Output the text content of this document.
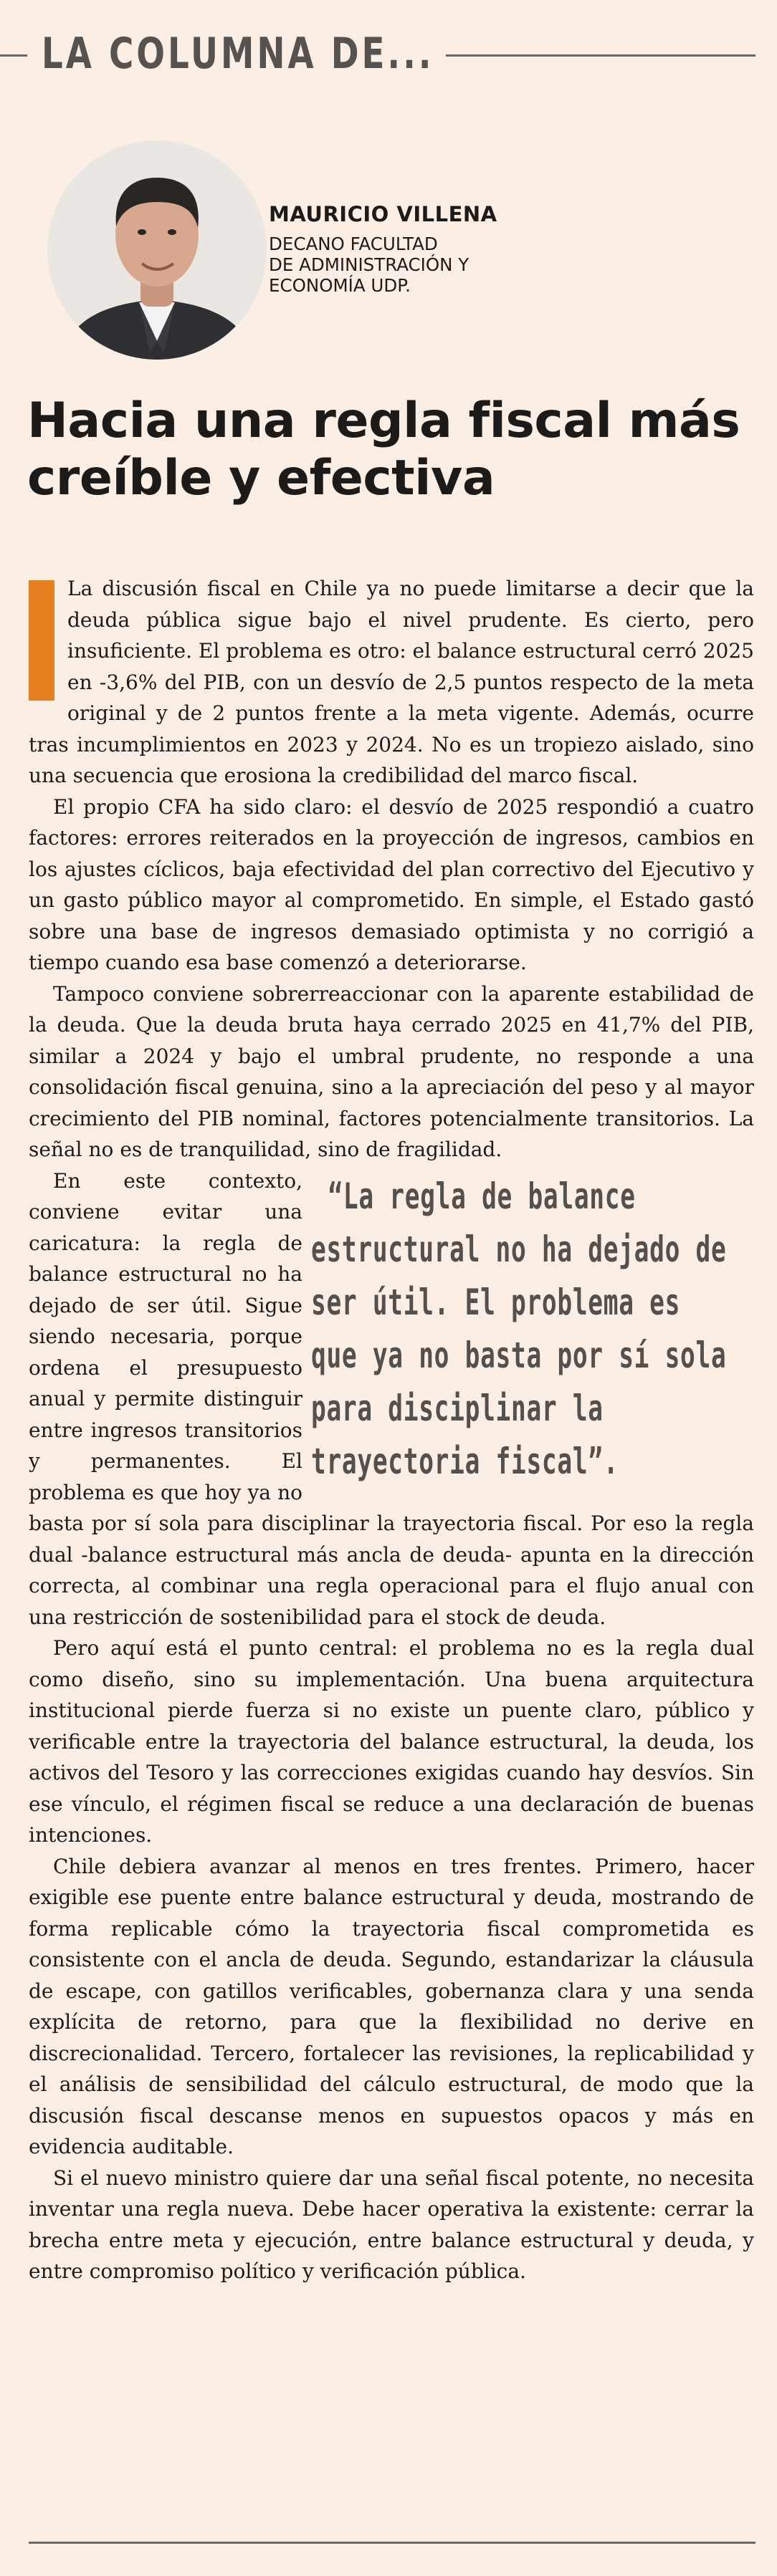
LA COLUMNA DE...
MAURICIO VILLENA
DECANO FACULTAD
DE ADMINISTRACIÓN Y
ECONOMÍA UDP.
Hacia una regla fiscal más creíble y efectiva

La discusión fiscal en Chile ya no puede limitarse a decir que la deuda pública sigue bajo el nivel prudente. Es cierto, pero insuficiente. El problema es otro: el balance estructural cerró 2025 en -3,6% del PIB, con un desvío de 2,5 puntos respecto de la meta original y de 2 puntos frente a la meta vigente. Además, ocurre tras incumplimientos en 2023 y 2024. No es un tropiezo aislado, sino una secuencia que erosiona la credibilidad del marco fiscal.

El propio CFA ha sido claro: el desvío de 2025 respondió a cuatro factores: errores reiterados en la proyección de ingresos, cambios en los ajustes cíclicos, baja efectividad del plan correctivo del Ejecutivo y un gasto público mayor al comprometido. En simple, el Estado gastó sobre una base de ingresos demasiado optimista y no corrigió a tiempo cuando esa base comenzó a deteriorarse.

Tampoco conviene sobrerreaccionar con la aparente estabilidad de la deuda. Que la deuda bruta haya cerrado 2025 en 41,7% del PIB, similar a 2024 y bajo el umbral prudente, no responde a una consolidación fiscal genuina, sino a la apreciación del peso y al mayor crecimiento del PIB nominal, factores potencialmente transitorios. La señal no es de tranquilidad, sino de fragilidad.

“La regla de balance estructural no ha dejado de ser útil. El problema es que ya no basta por sí sola para disciplinar la trayectoria fiscal”.
En este contexto, conviene evitar una caricatura: la regla de balance estructural no ha dejado de ser útil. Sigue siendo necesaria, porque ordena el presupuesto anual y permite distinguir entre ingresos transitorios y permanentes. El problema es que hoy ya no basta por sí sola para disciplinar la trayectoria fiscal. Por eso la regla dual -balance estructural más ancla de deuda- apunta en la dirección correcta, al combinar una regla operacional para el flujo anual con una restricción de sostenibilidad para el stock de deuda.

Pero aquí está el punto central: el problema no es la regla dual como diseño, sino su implementación. Una buena arquitectura institucional pierde fuerza si no existe un puente claro, público y verificable entre la trayectoria del balance estructural, la deuda, los activos del Tesoro y las correcciones exigidas cuando hay desvíos. Sin ese vínculo, el régimen fiscal se reduce a una declaración de buenas intenciones.

Chile debiera avanzar al menos en tres frentes. Primero, hacer exigible ese puente entre balance estructural y deuda, mostrando de forma replicable cómo la trayectoria fiscal comprometida es consistente con el ancla de deuda. Segundo, estandarizar la cláusula de escape, con gatillos verificables, gobernanza clara y una senda explícita de retorno, para que la flexibilidad no derive en discrecionalidad. Tercero, fortalecer las revisiones, la replicabilidad y el análisis de sensibilidad del cálculo estructural, de modo que la discusión fiscal descanse menos en supuestos opacos y más en evidencia auditable.

Si el nuevo ministro quiere dar una señal fiscal potente, no necesita inventar una regla nueva. Debe hacer operativa la existente: cerrar la brecha entre meta y ejecución, entre balance estructural y deuda, y entre compromiso político y verificación pública.
